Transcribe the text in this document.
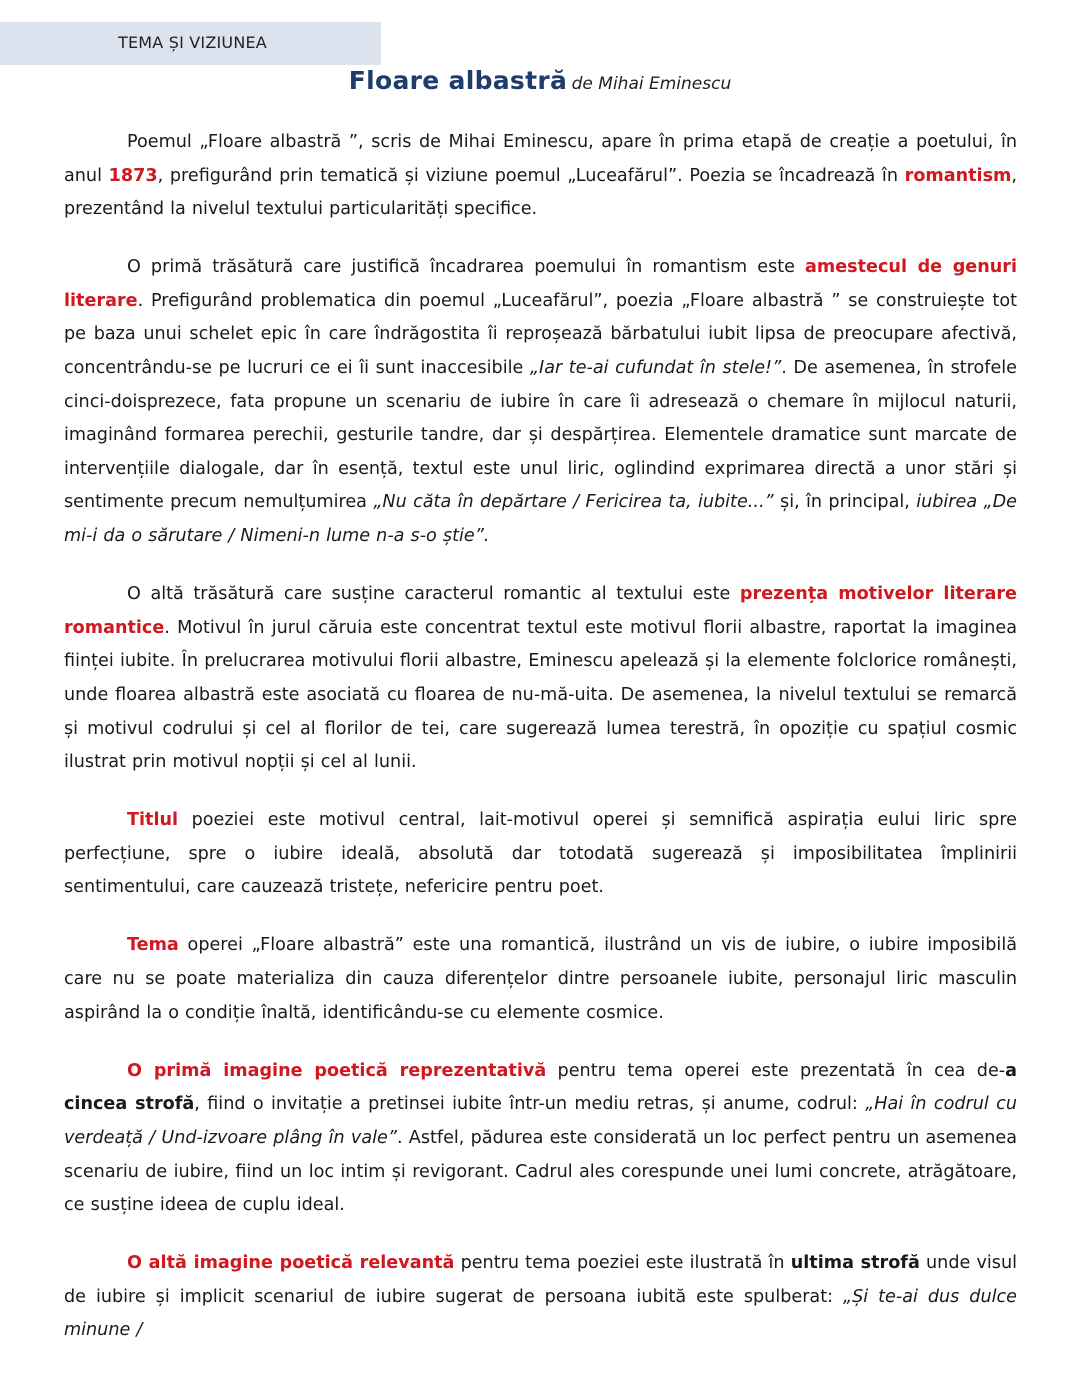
TEMA ȘI VIZIUNEA
Floare albastră de Mihai Eminescu

Poemul „Floare albastră ”, scris de Mihai Eminescu, apare în prima etapă de creație a poetului, în anul 1873, prefigurând prin tematică și viziune poemul „Luceafărul”. Poezia se încadrează în romantism, prezentând la nivelul textului particularități specifice.

O primă trăsătură care justifică încadrarea poemului în romantism este amestecul de genuri literare. Prefigurând problematica din poemul „Luceafărul”, poezia „Floare albastră ” se construiește tot pe baza unui schelet epic în care îndrăgostita îi reproșează bărbatului iubit lipsa de preocupare afectivă, concentrându-se pe lucruri ce ei îi sunt inaccesibile „Iar te-ai cufundat în stele!”. De asemenea, în strofele cinci-doisprezece, fata propune un scenariu de iubire în care îi adresează o chemare în mijlocul naturii, imaginând formarea perechii, gesturile tandre, dar și despărțirea. Elementele dramatice sunt marcate de intervențiile dialogale, dar în esență, textul este unul liric, oglindind exprimarea directă a unor stări și sentimente precum nemulțumirea „Nu căta în depărtare / Fericirea ta, iubite...” și, în principal, iubirea „De mi-i da o sărutare / Nimeni-n lume n-a s-o știe”.

O altă trăsătură care susține caracterul romantic al textului este prezența motivelor literare romantice. Motivul în jurul căruia este concentrat textul este motivul florii albastre, raportat la imaginea ființei iubite. În prelucrarea motivului florii albastre, Eminescu apelează și la elemente folclorice românești, unde floarea albastră este asociată cu floarea de nu-mă-uita. De asemenea, la nivelul textului se remarcă și motivul codrului și cel al florilor de tei, care sugerează lumea terestră, în opoziție cu spațiul cosmic ilustrat prin motivul nopții și cel al lunii.

Titlul poeziei este motivul central, lait-motivul operei și semnifică aspirația eului liric spre perfecțiune, spre o iubire ideală, absolută dar totodată sugerează și imposibilitatea împlinirii sentimentului, care cauzează tristețe, nefericire pentru poet.

Tema operei „Floare albastră” este una romantică, ilustrând un vis de iubire, o iubire imposibilă care nu se poate materializa din cauza diferențelor dintre persoanele iubite, personajul liric masculin aspirând la o condiție înaltă, identificându-se cu elemente cosmice.

O primă imagine poetică reprezentativă pentru tema operei este prezentată în cea de-a cincea strofă, fiind o invitație a pretinsei iubite într-un mediu retras, și anume, codrul: „Hai în codrul cu verdeață / Und-izvoare plâng în vale”. Astfel, pădurea este considerată un loc perfect pentru un asemenea scenariu de iubire, fiind un loc intim și revigorant. Cadrul ales corespunde unei lumi concrete, atrăgătoare, ce susține ideea de cuplu ideal.

O altă imagine poetică relevantă pentru tema poeziei este ilustrată în ultima strofă unde visul de iubire și implicit scenariul de iubire sugerat de persoana iubită este spulberat: „Și te-ai dus dulce minune /
